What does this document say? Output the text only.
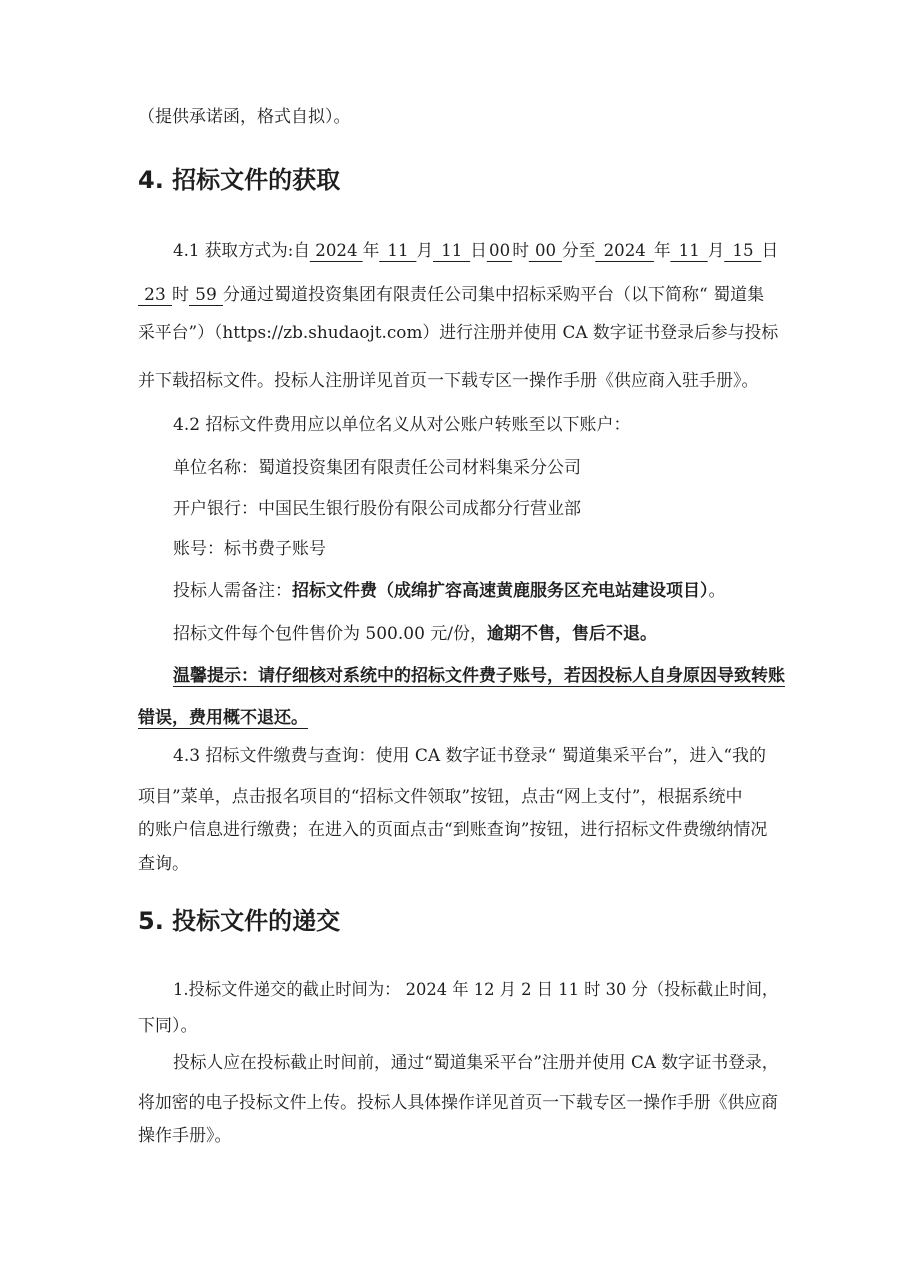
（提供承诺函，格式自拟）。
4. 招标文件的获取
4.1 获取方式为:自 2024 年 11 月 11 日 00 时 00 分至 2024 年 11 月 15 日
23 时 59 分通过蜀道投资集团有限责任公司集中招标采购平台（以下简称“ 蜀道集
采平台”）（https://zb.shudaojt.com）进行注册并使用 CA 数字证书登录后参与投标
并下载招标文件。投标人注册详见首页一下载专区一操作手册《供应商入驻手册》。
4.2 招标文件费用应以单位名义从对公账户转账至以下账户：
单位名称：蜀道投资集团有限责任公司材料集采分公司
开户银行：中国民生银行股份有限公司成都分行营业部
账号：标书费子账号
投标人需备注：招标文件费（成绵扩容高速黄鹿服务区充电站建设项目）。
招标文件每个包件售价为 500.00 元/份，逾期不售，售后不退。
温馨提示：请仔细核对系统中的招标文件费子账号，若因投标人自身原因导致转账
错误，费用概不退还。
4.3 招标文件缴费与查询：使用 CA 数字证书登录“ 蜀道集采平台”，进入“我的
项目”菜单，点击报名项目的“招标文件领取”按钮，点击“网上支付”，根据系统中
的账户信息进行缴费；在进入的页面点击“到账查询”按钮，进行招标文件费缴纳情况
查询。
5. 投标文件的递交
1.投标文件递交的截止时间为： 2024 年 12 月 2 日 11 时 30 分（投标截止时间，
下同）。
投标人应在投标截止时间前，通过“蜀道集采平台”注册并使用 CA 数字证书登录，
将加密的电子投标文件上传。投标人具体操作详见首页一下载专区一操作手册《供应商
操作手册》。
